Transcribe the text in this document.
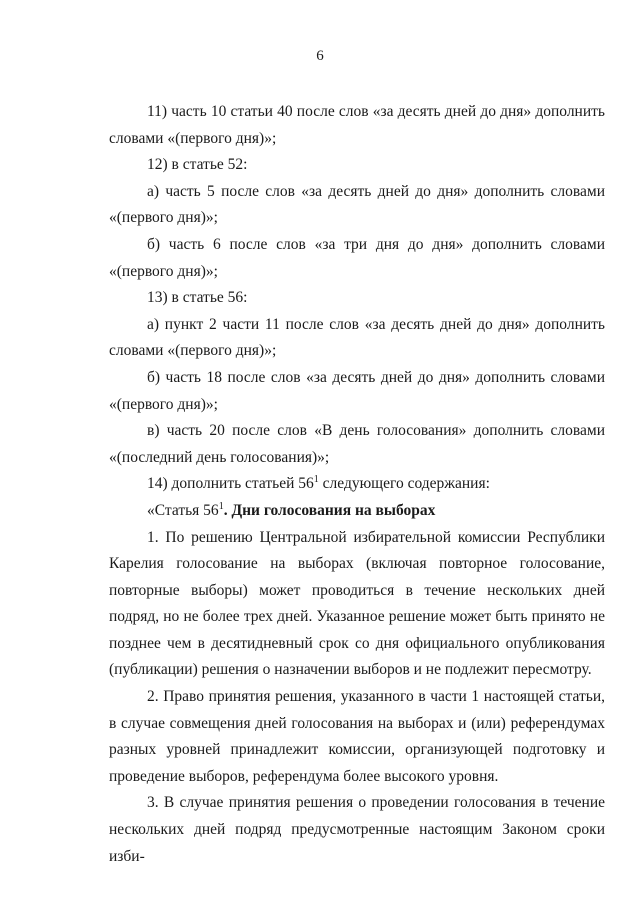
6

11) часть 10 статьи 40 после слов «за десять дней до дня» дополнить словами «(первого дня)»;

12) в статье 52:

а) часть 5 после слов «за десять дней до дня» дополнить словами «(первого дня)»;

б) часть 6 после слов «за три дня до дня» дополнить словами «(первого дня)»;

13) в статье 56:

а) пункт 2 части 11 после слов «за десять дней до дня» дополнить словами «(первого дня)»;

б) часть 18 после слов «за десять дней до дня» дополнить словами «(первого дня)»;

в) часть 20 после слов «В день голосования» дополнить словами «(последний день голосования)»;

14) дополнить статьей $56^1$ следующего содержания:

«Статья $56^1$. Дни голосования на выборах

1. По решению Центральной избирательной комиссии Республики Карелия голосование на выборах (включая повторное голосование, повторные выборы) может проводиться в течение нескольких дней подряд, но не более трех дней. Указанное решение может быть принято не позднее чем в десятидневный срок со дня официального опубликования (публикации) решения о назначении выборов и не подлежит пересмотру.

2. Право принятия решения, указанного в части 1 настоящей статьи, в случае совмещения дней голосования на выборах и (или) референдумах разных уровней принадлежит комиссии, организующей подготовку и проведение выборов, референдума более высокого уровня.

3. В случае принятия решения о проведении голосования в течение нескольких дней подряд предусмотренные настоящим Законом сроки изби-
